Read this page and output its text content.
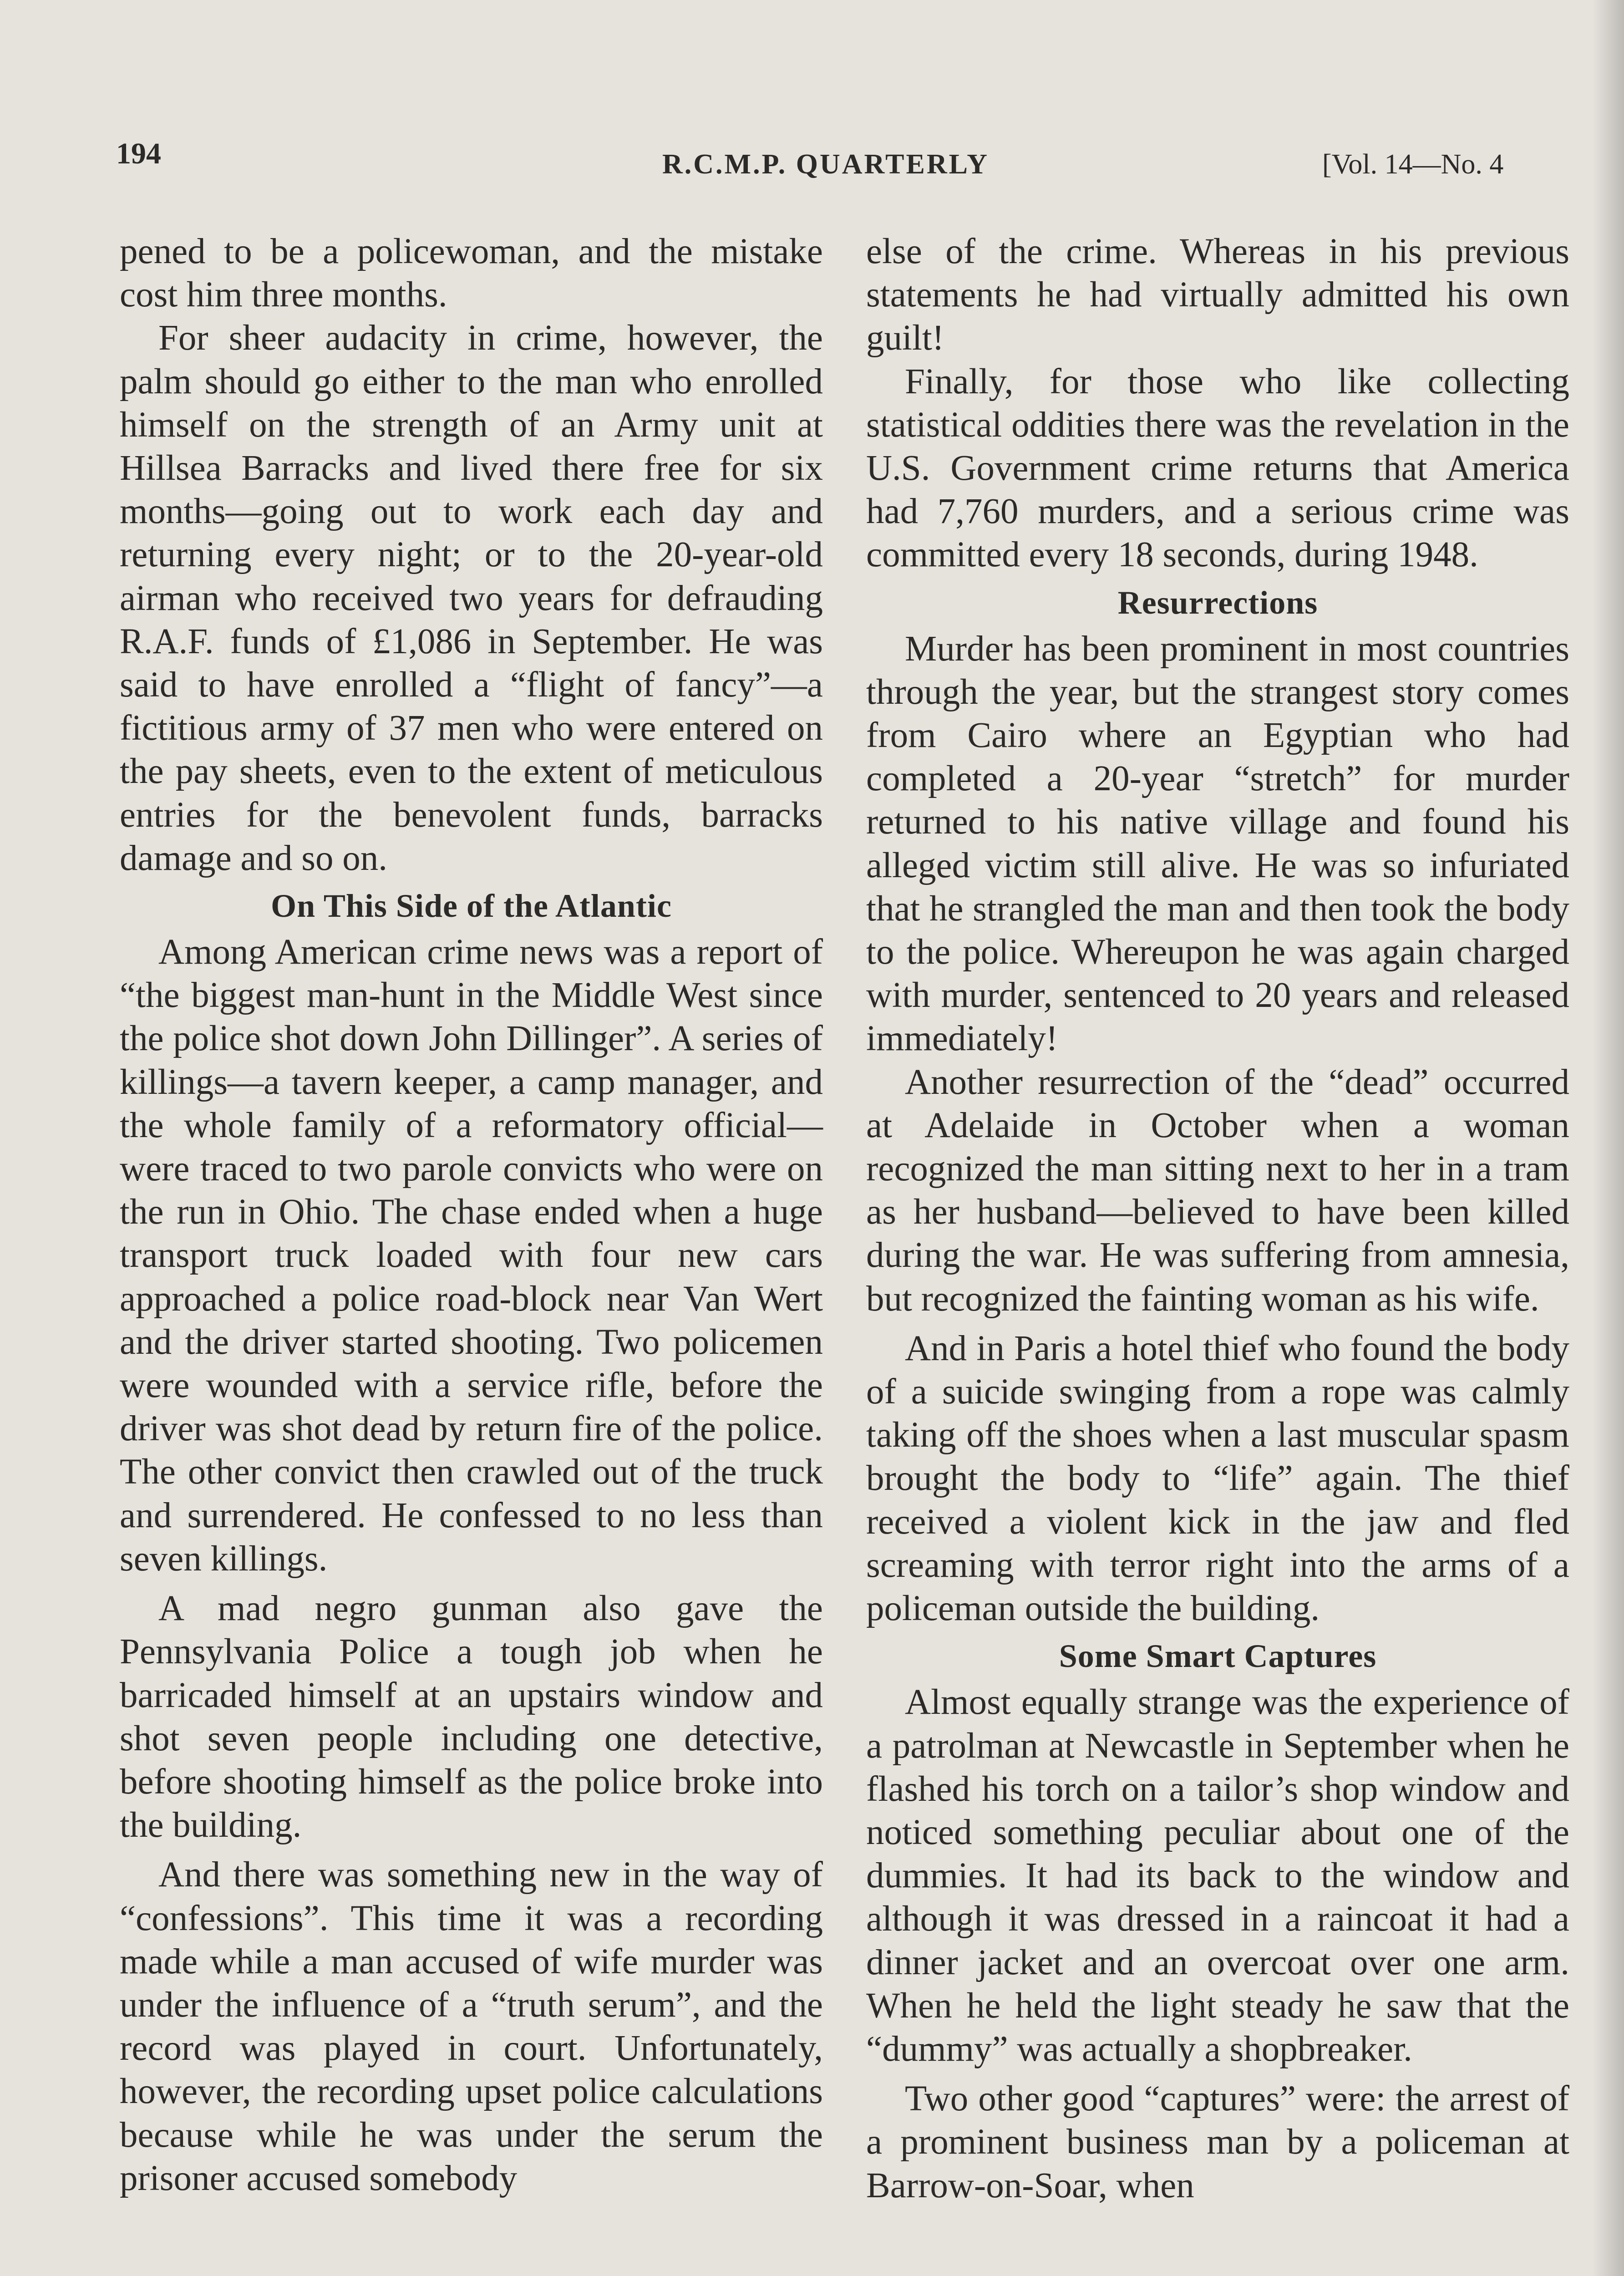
194	R.C.M.P. QUARTERLY	[Vol. 14—No. 4

pened to be a policewoman, and the mistake cost him three months.

For sheer audacity in crime, however, the palm should go either to the man who enrolled himself on the strength of an Army unit at Hillsea Barracks and lived there free for six months—going out to work each day and returning every night; or to the 20-year-old airman who received two years for defrauding R.A.F. funds of £1,086 in September. He was said to have enrolled a “flight of fancy”—a fictitious army of 37 men who were entered on the pay sheets, even to the extent of meticulous entries for the benevolent funds, barracks damage and so on.

On This Side of the Atlantic

Among American crime news was a report of “the biggest man-hunt in the Middle West since the police shot down John Dillinger”. A series of killings—a tavern keeper, a camp manager, and the whole family of a reformatory official—were traced to two parole convicts who were on the run in Ohio. The chase ended when a huge transport truck loaded with four new cars approached a police road-block near Van Wert and the driver started shooting. Two policemen were wounded with a service rifle, before the driver was shot dead by return fire of the police. The other convict then crawled out of the truck and surrendered. He confessed to no less than seven killings.

A mad negro gunman also gave the Pennsylvania Police a tough job when he barricaded himself at an upstairs window and shot seven people including one detective, before shooting himself as the police broke into the building.

And there was something new in the way of “confessions”. This time it was a recording made while a man accused of wife murder was under the influence of a “truth serum”, and the record was played in court. Unfortunately, however, the recording upset police calculations because while he was under the serum the prisoner accused somebody

else of the crime. Whereas in his previous statements he had virtually admitted his own guilt!

Finally, for those who like collecting statistical oddities there was the revelation in the U.S. Government crime returns that America had 7,760 murders, and a serious crime was committed every 18 seconds, during 1948.

Resurrections

Murder has been prominent in most countries through the year, but the strangest story comes from Cairo where an Egyptian who had completed a 20-year “stretch” for murder returned to his native village and found his alleged victim still alive. He was so infuriated that he strangled the man and then took the body to the police. Whereupon he was again charged with murder, sentenced to 20 years and released immediately!

Another resurrection of the “dead” occurred at Adelaide in October when a woman recognized the man sitting next to her in a tram as her husband—believed to have been killed during the war. He was suffering from amnesia, but recognized the fainting woman as his wife.

And in Paris a hotel thief who found the body of a suicide swinging from a rope was calmly taking off the shoes when a last muscular spasm brought the body to “life” again. The thief received a violent kick in the jaw and fled screaming with terror right into the arms of a policeman outside the building.

Some Smart Captures

Almost equally strange was the experience of a patrolman at Newcastle in September when he flashed his torch on a tailor’s shop window and noticed something peculiar about one of the dummies. It had its back to the window and although it was dressed in a raincoat it had a dinner jacket and an overcoat over one arm. When he held the light steady he saw that the “dummy” was actually a shopbreaker.

Two other good “captures” were: the arrest of a prominent business man by a policeman at Barrow-on-Soar, when
